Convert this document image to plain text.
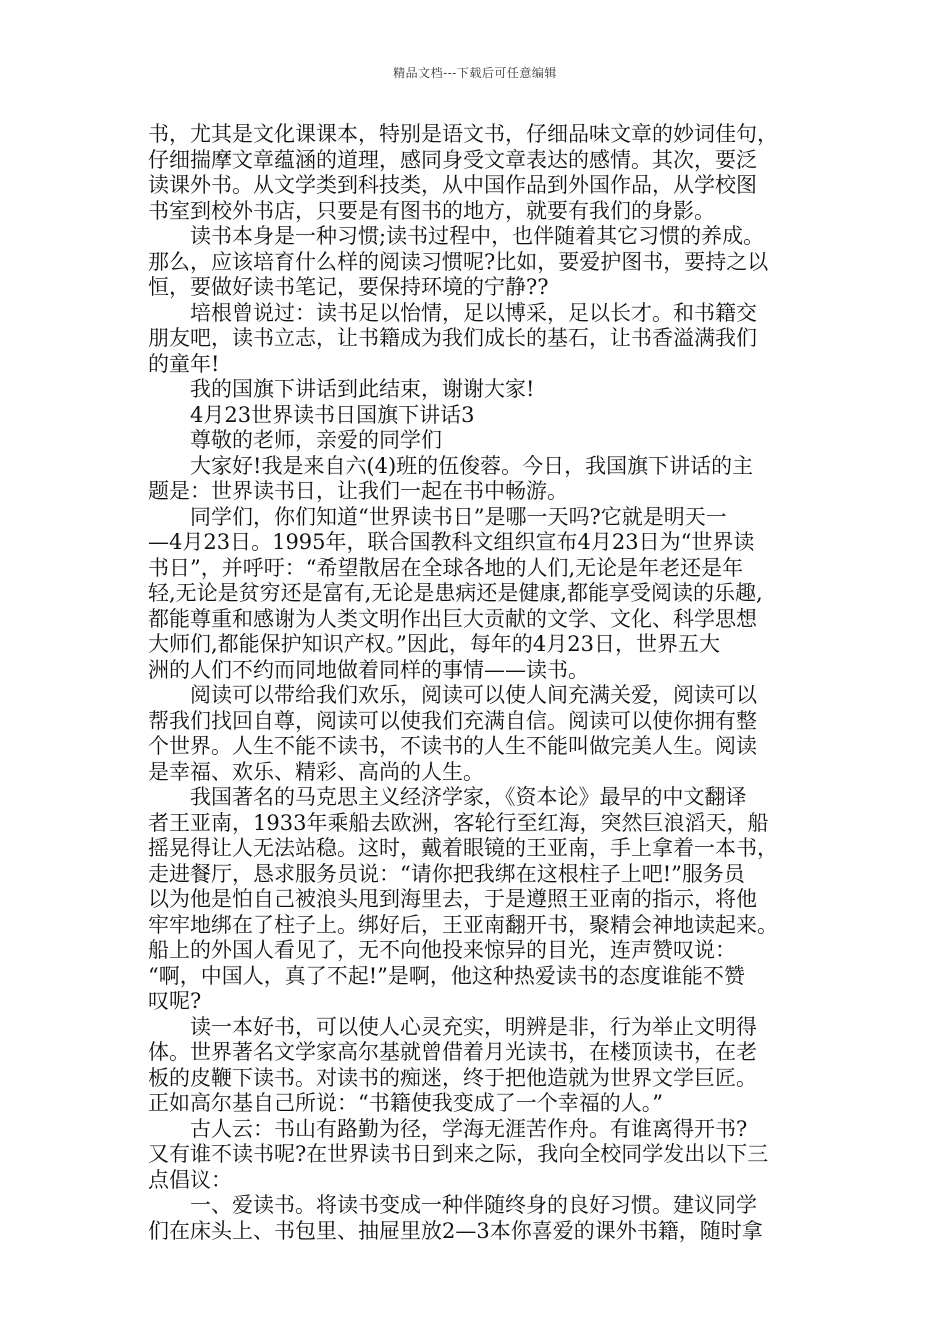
精品文档---下载后可任意编辑
书，尤其是文化课课本，特别是语文书，仔细品味文章的妙词佳句，
仔细揣摩文章蕴涵的道理，感同身受文章表达的感情。其次，要泛
读课外书。从文学类到科技类，从中国作品到外国作品，从学校图
书室到校外书店，只要是有图书的地方，就要有我们的身影。
　　读书本身是一种习惯;读书过程中，也伴随着其它习惯的养成。
那么，应该培育什么样的阅读习惯呢?比如，要爱护图书，要持之以
恒，要做好读书笔记，要保持环境的宁静??
　　培根曾说过：读书足以怡情，足以博采，足以长才。和书籍交
朋友吧，读书立志，让书籍成为我们成长的基石，让书香溢满我们
的童年!
　　我的国旗下讲话到此结束，谢谢大家!
　　4月23世界读书日国旗下讲话3
　　尊敬的老师，亲爱的同学们
　　大家好!我是来自六(4)班的伍俊蓉。今日，我国旗下讲话的主
题是：世界读书日，让我们一起在书中畅游。
　　同学们，你们知道“世界读书日”是哪一天吗?它就是明天一
—4月23日。1995年，联合国教科文组织宣布4月23日为“世界读
书日”，并呼吁：“希望散居在全球各地的人们,无论是年老还是年
轻,无论是贫穷还是富有,无论是患病还是健康,都能享受阅读的乐趣,
都能尊重和感谢为人类文明作出巨大贡献的文学、文化、科学思想
大师们,都能保护知识产权。”因此，每年的4月23日，世界五大
洲的人们不约而同地做着同样的事情——读书。
　　阅读可以带给我们欢乐，阅读可以使人间充满关爱，阅读可以
帮我们找回自尊，阅读可以使我们充满自信。阅读可以使你拥有整
个世界。人生不能不读书，不读书的人生不能叫做完美人生。阅读
是幸福、欢乐、精彩、高尚的人生。
　　我国著名的马克思主义经济学家，《资本论》最早的中文翻译
者王亚南，1933年乘船去欧洲，客轮行至红海，突然巨浪滔天，船
摇晃得让人无法站稳。这时，戴着眼镜的王亚南，手上拿着一本书，
走进餐厅，恳求服务员说：“请你把我绑在这根柱子上吧!”服务员
以为他是怕自己被浪头甩到海里去，于是遵照王亚南的指示，将他
牢牢地绑在了柱子上。绑好后，王亚南翻开书，聚精会神地读起来。
船上的外国人看见了，无不向他投来惊异的目光，连声赞叹说：
“啊，中国人，真了不起!”是啊，他这种热爱读书的态度谁能不赞
叹呢?
　　读一本好书，可以使人心灵充实，明辨是非，行为举止文明得
体。世界著名文学家高尔基就曾借着月光读书，在楼顶读书，在老
板的皮鞭下读书。对读书的痴迷，终于把他造就为世界文学巨匠。
正如高尔基自己所说：“书籍使我变成了一个幸福的人。”
　　古人云：书山有路勤为径，学海无涯苦作舟。有谁离得开书?
又有谁不读书呢?在世界读书日到来之际，我向全校同学发出以下三
点倡议：
　　一、爱读书。将读书变成一种伴随终身的良好习惯。建议同学
们在床头上、书包里、抽屉里放2—3本你喜爱的课外书籍，随时拿
